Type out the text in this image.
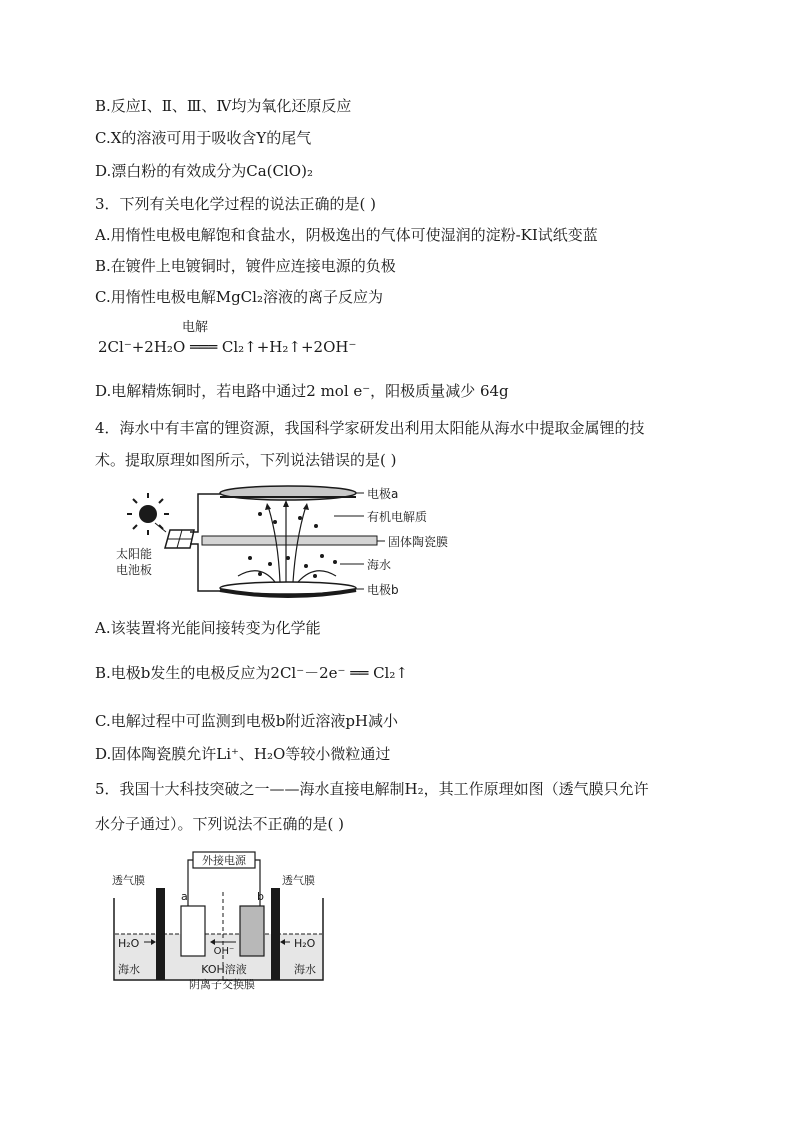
B.反应Ⅰ、Ⅱ、Ⅲ、Ⅳ均为氧化还原反应
C.X的溶液可用于吸收含Y的尾气
D.漂白粉的有效成分为Ca(ClO)₂
3．下列有关电化学过程的说法正确的是( )
A.用惰性电极电解饱和食盐水，阴极逸出的气体可使湿润的淀粉-KI试纸变蓝
B.在镀件上电镀铜时，镀件应连接电源的负极
C.用惰性电极电解MgCl₂溶液的离子反应为
电解
2Cl⁻+2H₂O ═══ Cl₂↑+H₂↑+2OH⁻
D.电解精炼铜时，若电路中通过2 mol e⁻，阳极质量减少 64g
4．海水中有丰富的锂资源，我国科学家研发出利用太阳能从海水中提取金属锂的技
术。提取原理如图所示，下列说法错误的是( )
太阳能
电池板
电极a
有机电解质
固体陶瓷膜
海水
电极b
A.该装置将光能间接转变为化学能
B.电极b发生的电极反应为2Cl⁻－2e⁻ ══ Cl₂↑
C.电解过程中可监测到电极b附近溶液pH减小
D.固体陶瓷膜允许Li⁺、H₂O等较小微粒通过
5．我国十大科技突破之一——海水直接电解制H₂，其工作原理如图（透气膜只允许
水分子通过）。下列说法不正确的是( )
外接电源
a	b
透气膜	透气膜
H₂O	H₂O
海水	海水
OH⁻
KOH溶液
阴离子交换膜
